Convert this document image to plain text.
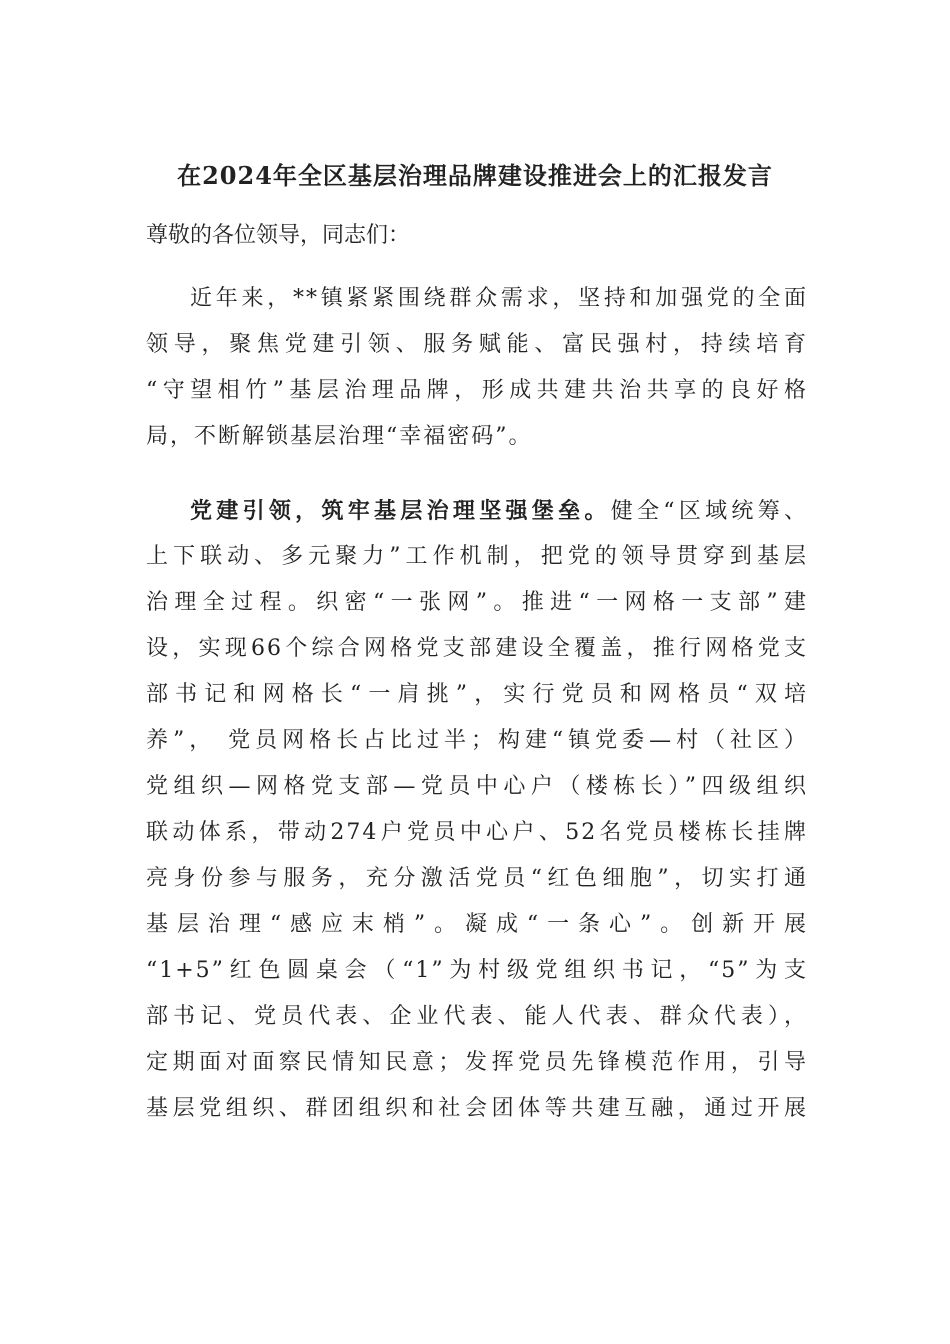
在2024年全区基层治理品牌建设推进会上的汇报发言
尊敬的各位领导，同志们：
近年来，**镇紧紧围绕群众需求，坚持和加强党的全面
领导，聚焦党建引领、服务赋能、富民强村，持续培育
“守望相竹”基层治理品牌，形成共建共治共享的良好格
局，不断解锁基层治理“幸福密码”。
党建引领，筑牢基层治理坚强堡垒。健全“区域统筹、
上下联动、多元聚力”工作机制，把党的领导贯穿到基层
治理全过程。织密“一张网”。推进“一网格一支部”建
设，实现66个综合网格党支部建设全覆盖，推行网格党支
部书记和网格长“一肩挑”，实行党员和网格员“双培
养”， 党员网格长占比过半；构建“镇党委—村（社区）
党组织—网格党支部—党员中心户（楼栋长）”四级组织
联动体系，带动274户党员中心户、52名党员楼栋长挂牌
亮身份参与服务，充分激活党员“红色细胞”，切实打通
基层治理“感应末梢”。凝成“一条心”。创新开展
“1+5”红色圆桌会（“1”为村级党组织书记，“5”为支
部书记、党员代表、企业代表、能人代表、群众代表），
定期面对面察民情知民意；发挥党员先锋模范作用，引导
基层党组织、群团组织和社会团体等共建互融，通过开展
